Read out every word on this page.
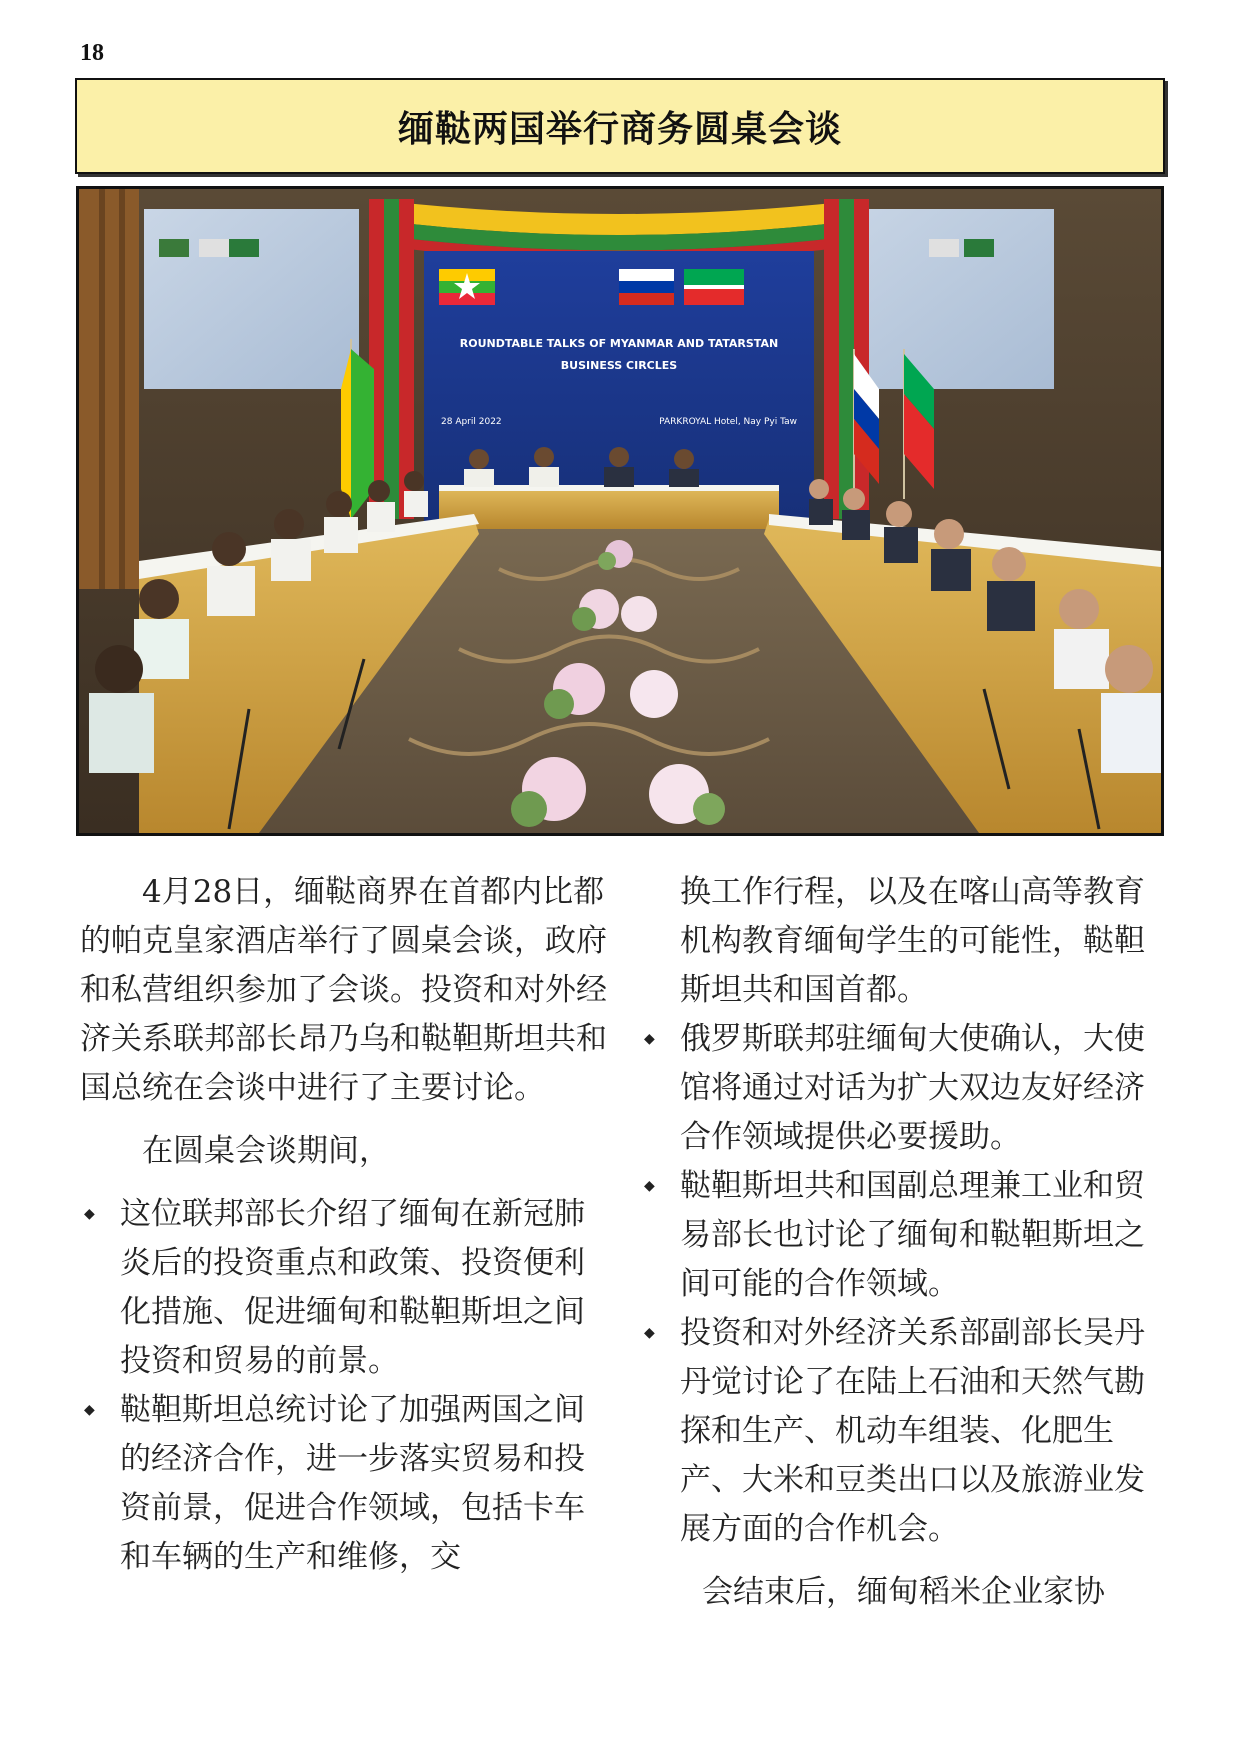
18
缅鞑两国举行商务圆桌会谈
ROUNDTABLE TALKS OF MYANMAR AND TATARSTAN
BUSINESS CIRCLES
28 April 2022	PARKROYAL Hotel, Nay Pyi Taw

4月28日，缅鞑商界在首都内比都的帕克皇家酒店举行了圆桌会谈，政府和私营组织参加了会谈。投资和对外经济关系联邦部长昂乃乌和鞑靼斯坦共和国总统在会谈中进行了主要讨论。

在圆桌会谈期间，

◆ 这位联邦部长介绍了缅甸在新冠肺炎后的投资重点和政策、投资便利化措施、促进缅甸和鞑靼斯坦之间投资和贸易的前景。

◆ 鞑靼斯坦总统讨论了加强两国之间的经济合作，进一步落实贸易和投资前景，促进合作领域，包括卡车和车辆的生产和维修，交

换工作行程，以及在喀山高等教育机构教育缅甸学生的可能性，鞑靼斯坦共和国首都。

◆ 俄罗斯联邦驻缅甸大使确认，大使馆将通过对话为扩大双边友好经济合作领域提供必要援助。

◆ 鞑靼斯坦共和国副总理兼工业和贸易部长也讨论了缅甸和鞑靼斯坦之间可能的合作领域。

◆ 投资和对外经济关系部副部长吴丹丹觉讨论了在陆上石油和天然气勘探和生产、机动车组装、化肥生产、大米和豆类出口以及旅游业发展方面的合作机会。

会结束后，缅甸稻米企业家协
